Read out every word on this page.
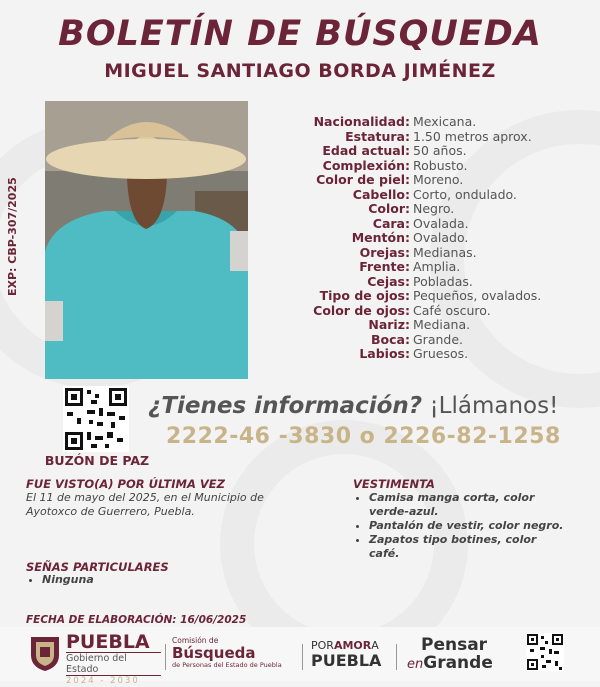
BOLETÍN DE BÚSQUEDA
MIGUEL SANTIAGO BORDA JIMÉNEZ
EXP: CBP-307/2025
Nacionalidad: Mexicana.
Estatura: 1.50 metros aprox.
Edad actual: 50 años.
Complexión: Robusto.
Color de piel: Moreno.
Cabello: Corto, ondulado.
Color: Negro.
Cara: Ovalada.
Mentón: Ovalado.
Orejas: Medianas.
Frente: Amplia.
Cejas: Pobladas.
Tipo de ojos: Pequeños, ovalados.
Color de ojos: Café oscuro.
Nariz: Mediana.
Boca: Grande.
Labios: Gruesos.
BUZÓN DE PAZ
¿Tienes información? ¡Llámanos!
2222-46 -3830 o 2226-82-1258
FUE VISTO(A) POR ÚLTIMA VEZ
El 11 de mayo del 2025, en el Municipio de Ayotoxco de Guerrero, Puebla.
VESTIMENTA
• Camisa manga corta, color verde-azul.
• Pantalón de vestir, color negro.
• Zapatos tipo botines, color café.
SEÑAS PARTICULARES
• Ninguna
FECHA DE ELABORACIÓN: 16/06/2025
PUEBLA
Gobierno del Estado
2024 - 2030
Comisión de
Búsqueda
de Personas del Estado de Puebla
PORAMORA
PUEBLA
Pensar
enGrande
